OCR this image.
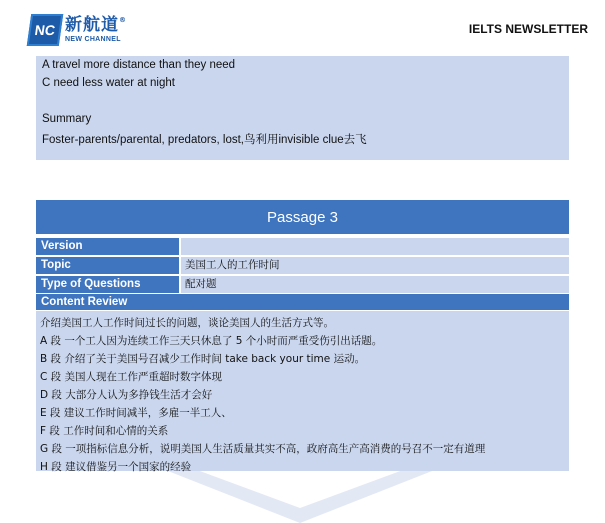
NC 新航道®
NEW CHANNEL
IELTS NEWSLETTER
A travel more distance than they need
C need less water at night
Summary
Foster-parents/parental, predators, lost,鸟利用invisible clue去飞
Passage 3
Version
Topic	美国工人的工作时间
Type of Questions	配对题
Content Review
介绍美国工人工作时间过长的问题，谈论美国人的生活方式等。
A 段 一个工人因为连续工作三天只休息了 5 个小时而严重受伤引出话题。
B 段 介绍了关于美国号召减少工作时间 take back your time 运动。
C 段 美国人现在工作严重超时数字体现
D 段 大部分人认为多挣钱生活才会好
E 段 建议工作时间减半，多雇一半工人、
F 段 工作时间和心情的关系
G 段 一项指标信息分析，说明美国人生活质量其实不高，政府高生产高消费的号召不一定有道理
H 段 建议借鉴另一个国家的经验
